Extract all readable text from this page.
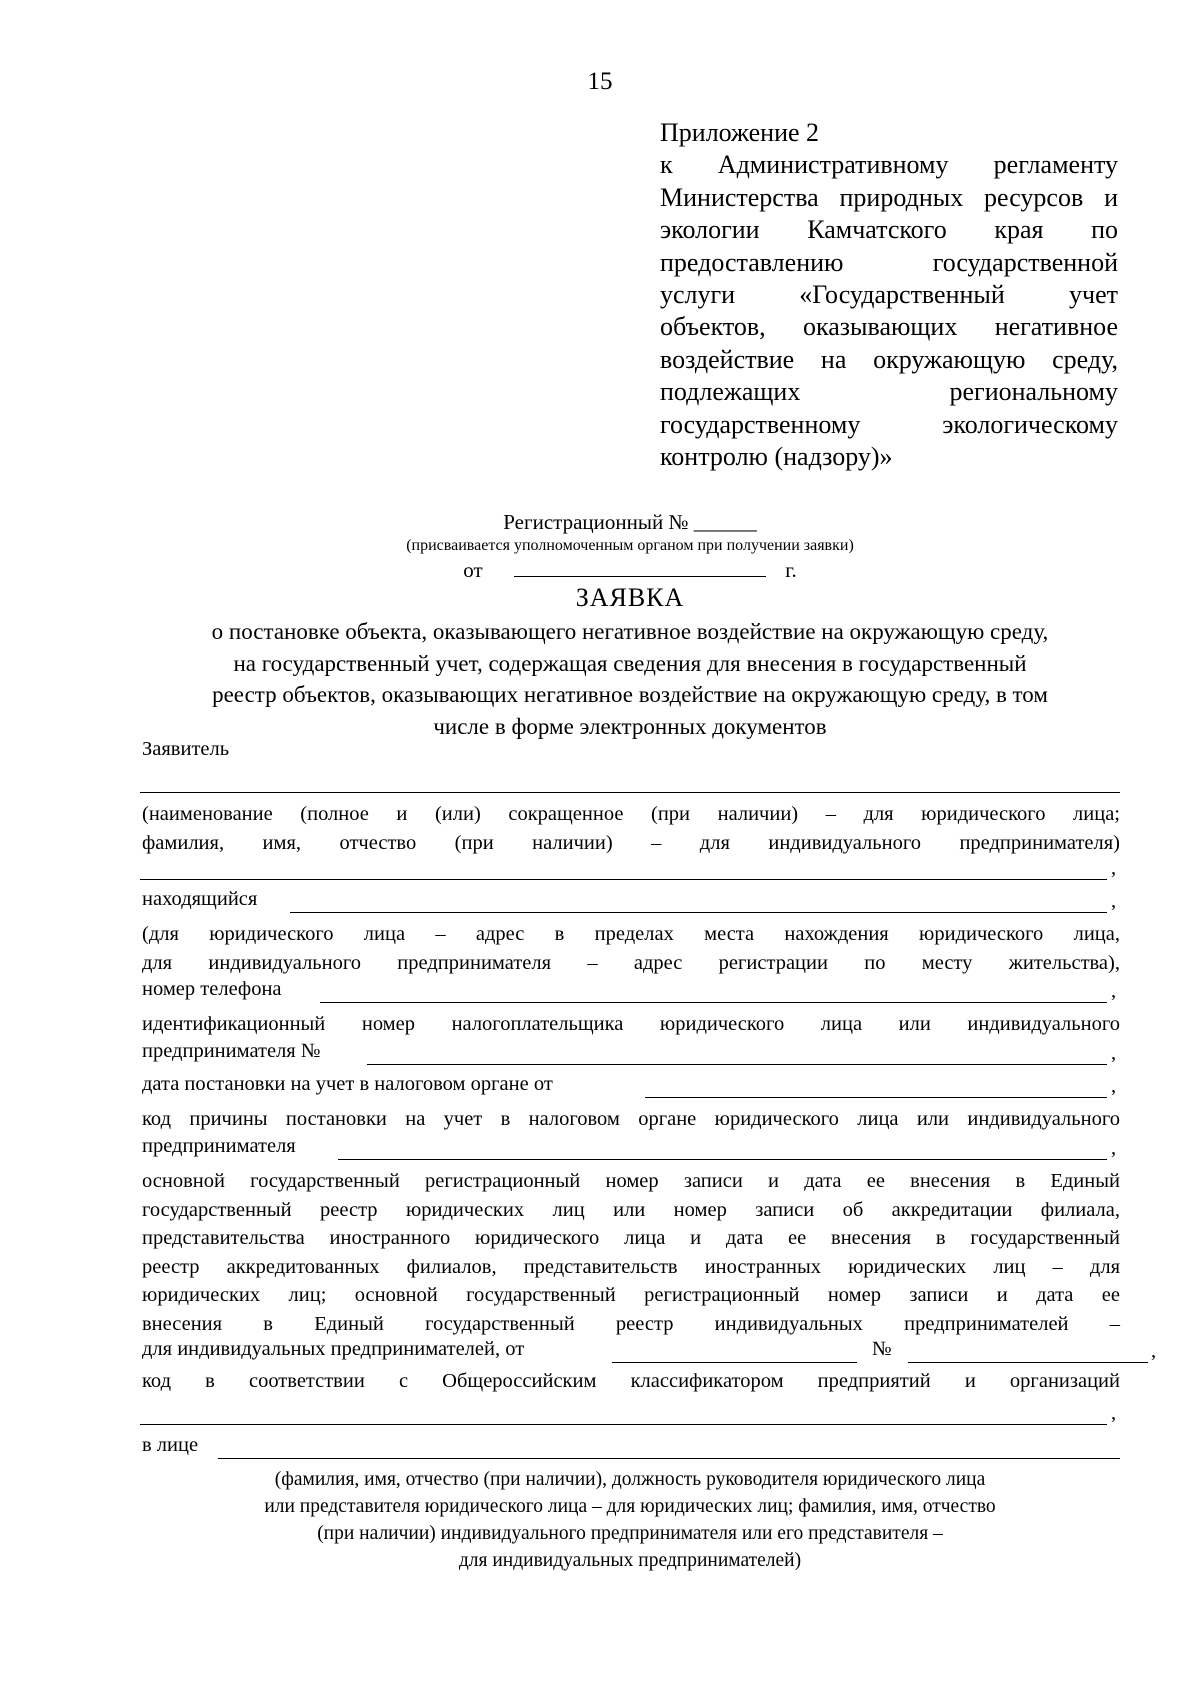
15
Приложение 2
к Административному регламенту
Министерства природных ресурсов и
экологии Камчатского края по
предоставлению государственной
услуги «Государственный учет
объектов, оказывающих негативное
воздействие на окружающую среду,
подлежащих региональному
государственному экологическому
контролю (надзору)»
Регистрационный № ______
(присваивается уполномоченным органом при получении заявки)
от	г.
ЗАЯВКА
о постановке объекта, оказывающего негативное воздействие на окружающую среду,
на государственный учет, содержащая сведения для внесения в государственный
реестр объектов, оказывающих негативное воздействие на окружающую среду, в том
числе в форме электронных документов
Заявитель
(наименование (полное и (или) сокращенное (при наличии) – для юридического лица;
фамилия, имя, отчество (при наличии) – для индивидуального предпринимателя)
,
находящийся	,
(для юридического лица – адрес в пределах места нахождения юридического лица,
для индивидуального предпринимателя – адрес регистрации по месту жительства),
номер телефона	,
идентификационный номер налогоплательщика юридического лица или индивидуального
предпринимателя №	,
дата постановки на учет в налоговом органе от	,
код причины постановки на учет в налоговом органе юридического лица или индивидуального
предпринимателя	,
основной государственный регистрационный номер записи и дата ее внесения в Единый
государственный реестр юридических лиц или номер записи об аккредитации филиала,
представительства иностранного юридического лица и дата ее внесения в государственный
реестр аккредитованных филиалов, представительств иностранных юридических лиц – для
юридических лиц; основной государственный регистрационный номер записи и дата ее
внесения в Единый государственный реестр индивидуальных предпринимателей –
для индивидуальных предпринимателей, от	№	,
код в соответствии с Общероссийским классификатором предприятий и организаций
,
в лице
(фамилия, имя, отчество (при наличии), должность руководителя юридического лица
или представителя юридического лица – для юридических лиц; фамилия, имя, отчество
(при наличии) индивидуального предпринимателя или его представителя –
для индивидуальных предпринимателей)
